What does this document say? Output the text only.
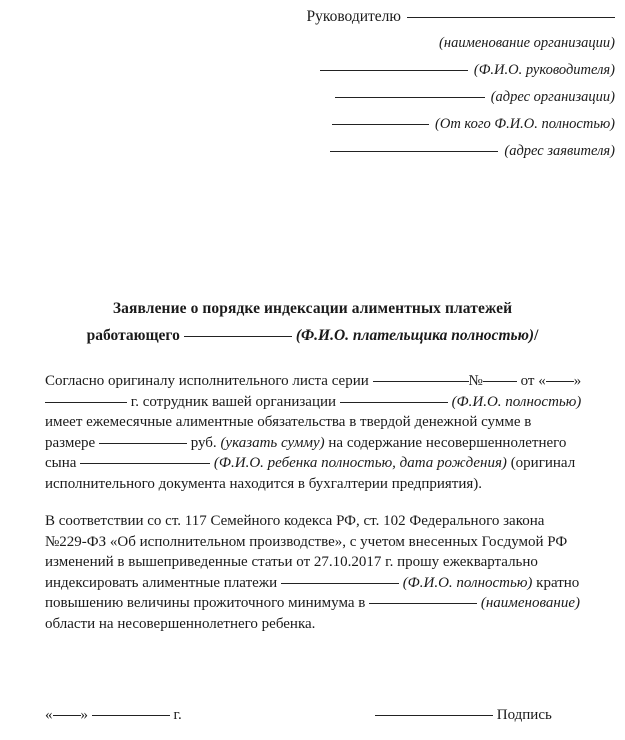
Руководителю
(наименование организации)
(Ф.И.О. руководителя)
(адрес организации)
(От кого Ф.И.О. полностью)
(адрес заявителя)
Заявление о порядке индексации алиментных платежей
работающего	(Ф.И.О. плательщика полностью)/

Согласно оригиналу исполнительного листа серии	№	от « »  г. сотрудник вашей организации	(Ф.И.О. полностью) имеет ежемесячные алиментные обязательства в твердой денежной сумме в размере	руб. (указать сумму) на содержание несовершеннолетнего сына	(Ф.И.О. ребенка полностью, дата рождения) (оригинал исполнительного документа находится в бухгалтерии предприятия).

В соответствии со ст. 117 Семейного кодекса РФ, ст. 102 Федерального закона №229-ФЗ «Об исполнительном производстве», с учетом внесенных Госдумой РФ изменений в вышеприведенные статьи от 27.10.2017 г. прошу ежеквартально индексировать алиментные платежи	(Ф.И.О. полностью) кратно повышению величины прожиточного минимума в	(наименование) области на несовершеннолетнего ребенка.

« »	г.	Подпись
